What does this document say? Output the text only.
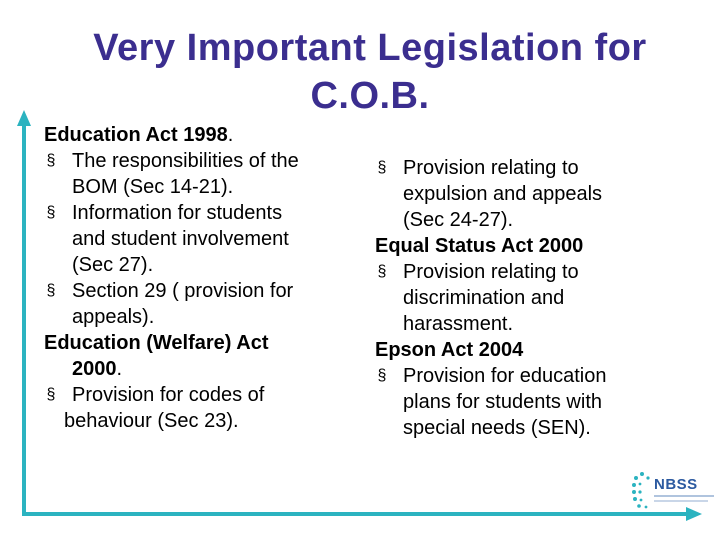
Very Important Legislation for
C.O.B.
Education Act 1998.
§ The responsibilities of the
BOM (Sec 14-21).
§ Information for students
and student involvement
(Sec 27).
§ Section 29 ( provision for
appeals).
Education (Welfare) Act
2000.
§ Provision for codes of
behaviour (Sec 23).
§ Provision relating to
expulsion and appeals
(Sec 24-27).
Equal Status Act 2000
§ Provision relating to
discrimination and
harassment.
Epson Act 2004
§ Provision for education
plans for students with
special needs (SEN).
NBSS
